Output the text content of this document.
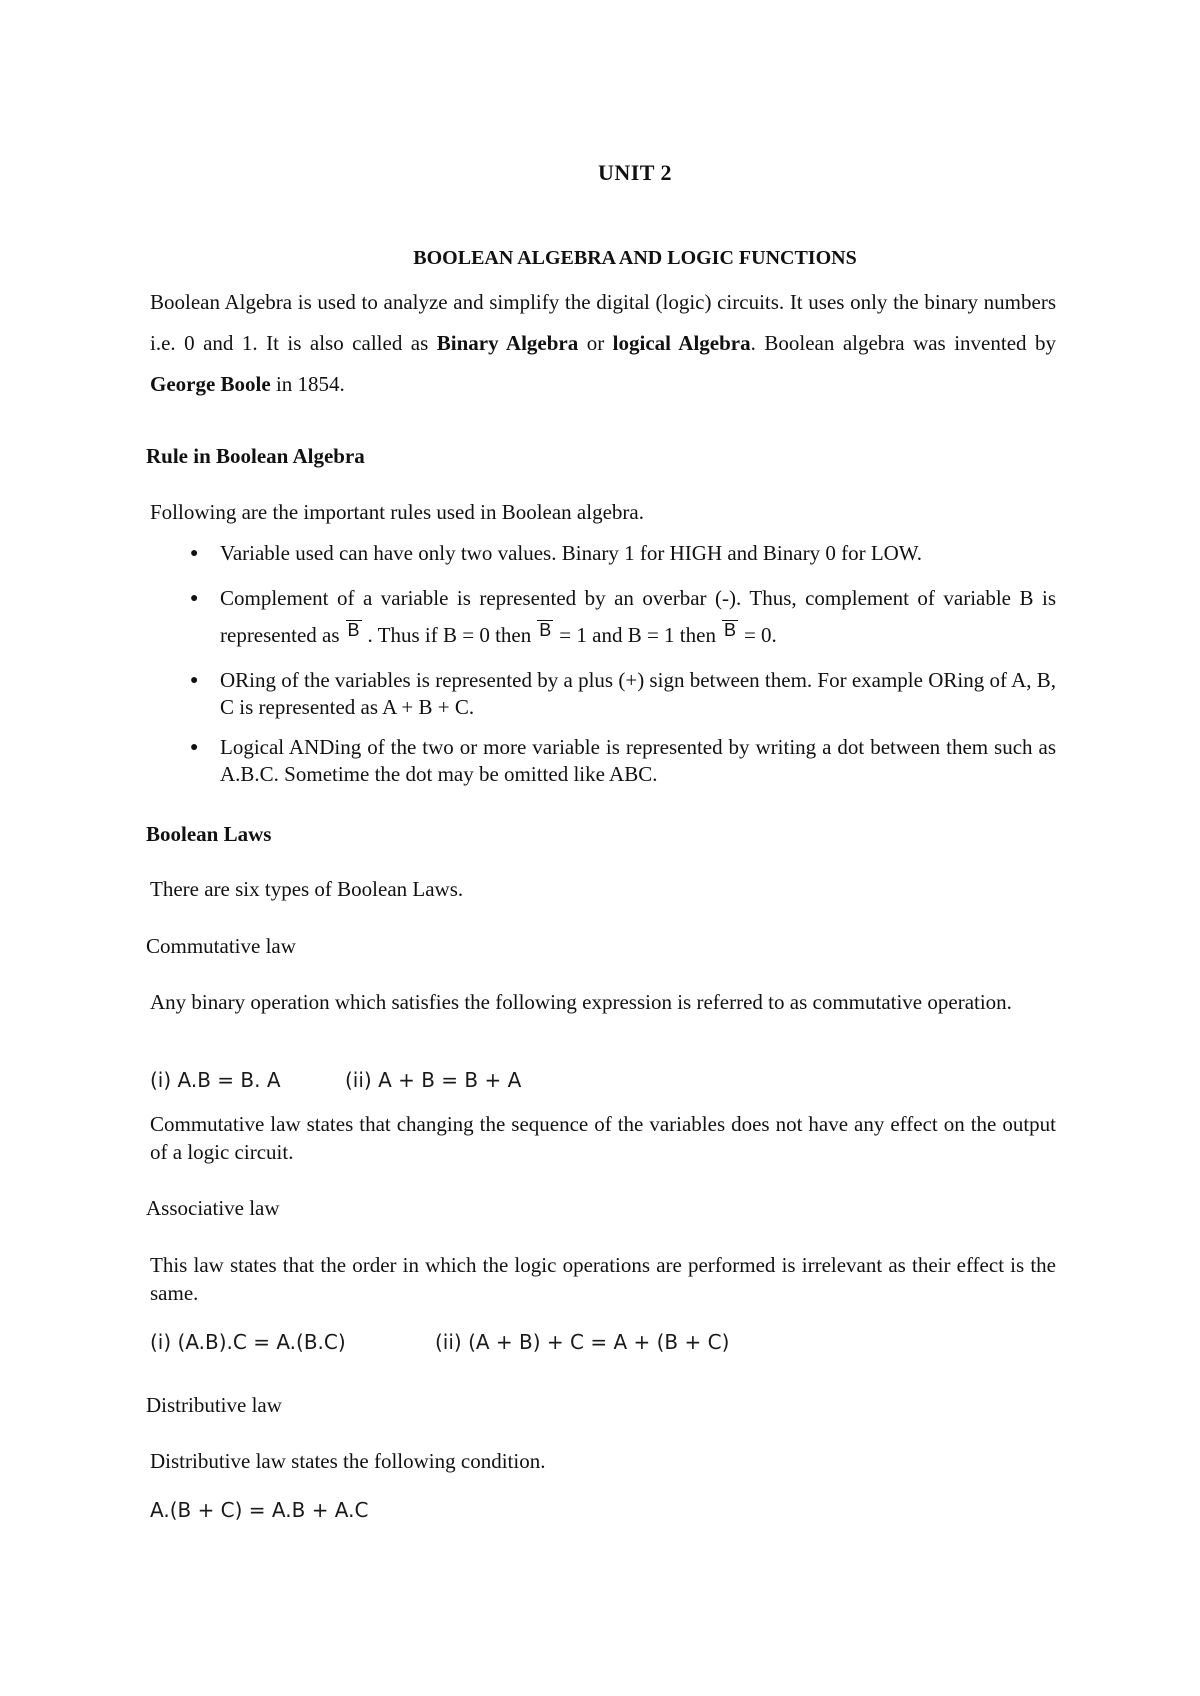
UNIT 2
BOOLEAN ALGEBRA AND LOGIC FUNCTIONS

Boolean Algebra is used to analyze and simplify the digital (logic) circuits. It uses only the binary numbers i.e. 0 and 1. It is also called as Binary Algebra or logical Algebra. Boolean algebra was invented by George Boole in 1854.

Rule in Boolean Algebra
Following are the important rules used in Boolean algebra.
● Variable used can have only two values. Binary 1 for HIGH and Binary 0 for LOW.
● Complement of a variable is represented by an overbar (-). Thus, complement of variable B is represented as B . Thus if B = 0 then B = 1 and B = 1 then B = 0.
● ORing of the variables is represented by a plus (+) sign between them. For example ORing of A, B, C is represented as A + B + C.
● Logical ANDing of the two or more variable is represented by writing a dot between them such as A.B.C. Sometime the dot may be omitted like ABC.
Boolean Laws
There are six types of Boolean Laws.
Commutative law

Any binary operation which satisfies the following expression is referred to as commutative operation.

(i) A.B = B. A	(ii) A + B = B + A

Commutative law states that changing the sequence of the variables does not have any effect on the output of a logic circuit.

Associative law

This law states that the order in which the logic operations are performed is irrelevant as their effect is the same.

(i) (A.B).C = A.(B.C)	(ii) (A + B) + C = A + (B + C)
Distributive law
Distributive law states the following condition.
A.(B + C) = A.B + A.C
